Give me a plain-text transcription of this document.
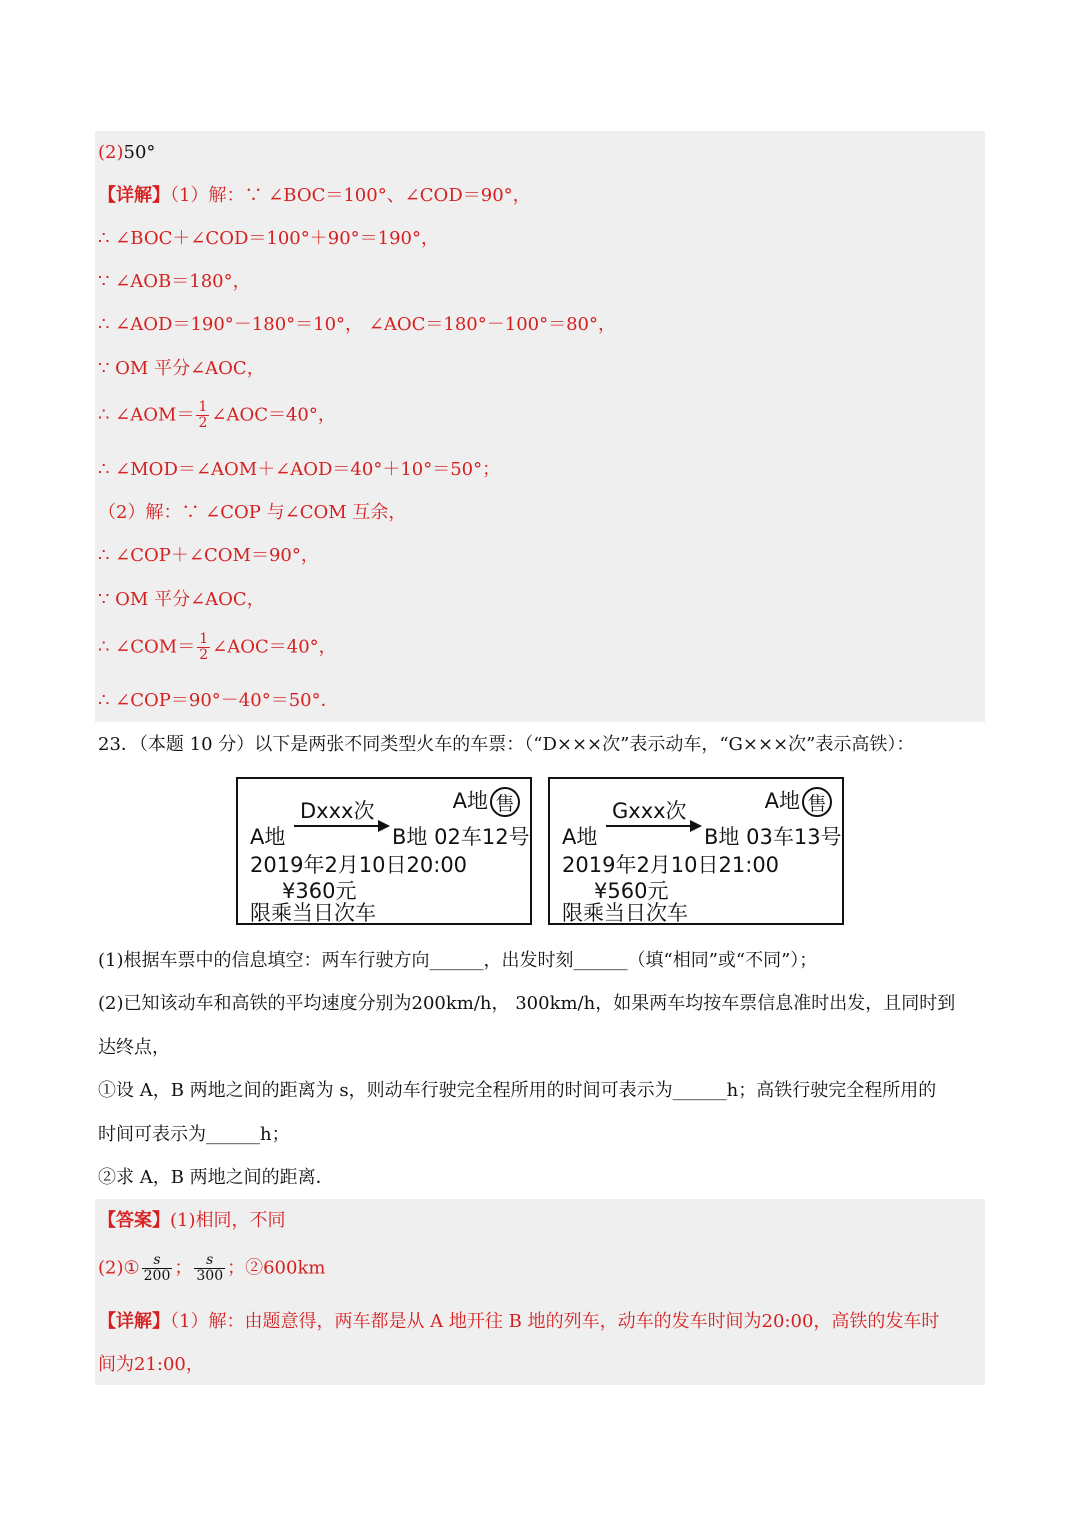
(2)50°
【详解】（1）解：∵ ∠BOC＝100°、∠COD＝90°，
∴ ∠BOC＋∠COD＝100°＋90°＝190°，
∵ ∠AOB＝180°，
∴ ∠AOD＝190°－180°＝10°， ∠AOC＝180°－100°＝80°，
∵ OM 平分∠AOC，
∴ ∠AOM＝ $\frac{1}{2}$ ∠AOC＝40°，
∴ ∠MOD＝∠AOM＋∠AOD＝40°＋10°＝50°；
（2）解：∵ ∠COP 与∠COM 互余，
∴ ∠COP＋∠COM＝90°，
∵ OM 平分∠AOC，
∴ ∠COM＝ $\frac{1}{2}$ ∠AOC＝40°，
∴ ∠COP＝90°－40°＝50°．
23．（本题 10 分）以下是两张不同类型火车的车票：（“D×××次”表示动车，“G×××次”表示高铁）：
A地 售
A地
Dxxx次
B地 02车12号
2019年2月10日20:00
¥360元
限乘当日次车
A地 售
A地
Gxxx次
B地 03车13号
2019年2月10日21:00
¥560元
限乘当日次车
(1)根据车票中的信息填空：两车行驶方向______，出发时刻______（填“相同”或“不同”）；
(2)已知该动车和高铁的平均速度分别为200km/h， 300km/h，如果两车均按车票信息准时出发，且同时到
达终点，
①设 A，B 两地之间的距离为 s，则动车行驶完全程所用的时间可表示为______h；高铁行驶完全程所用的
时间可表示为______h；
②求 A，B 两地之间的距离．
【答案】(1)相同，不同
(2)① $\frac{s}{200}$ ； $\frac{s}{300}$ ；②600km
【详解】（1）解：由题意得，两车都是从 A 地开往 B 地的列车，动车的发车时间为20:00，高铁的发车时
间为21:00，
